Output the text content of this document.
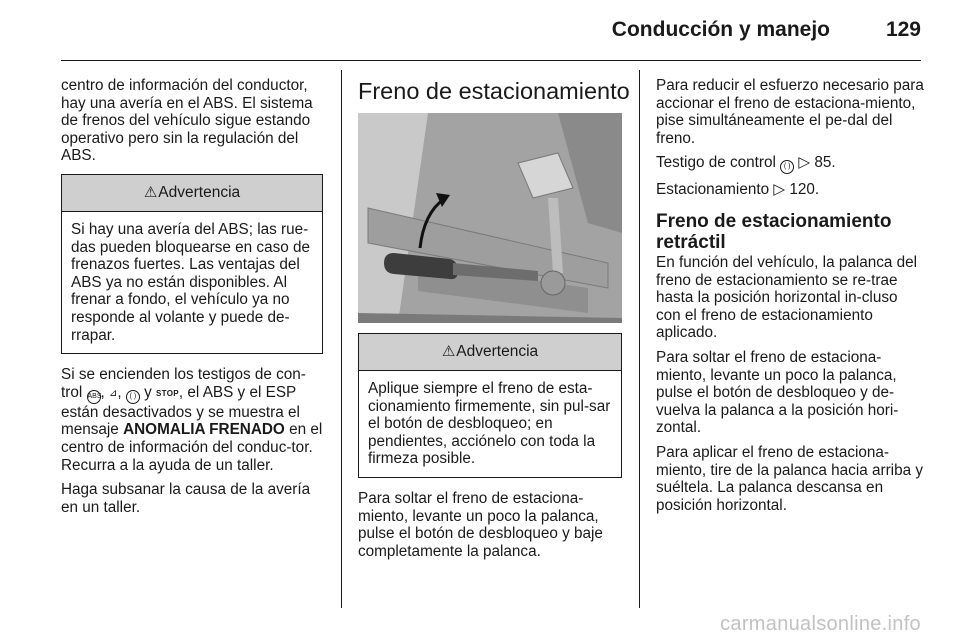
Conducción y manejo	129

centro de información del conductor, hay una avería en el ABS. El sistema de frenos del vehículo sigue estando operativo pero sin la regulación del ABS.

⚠ Advertencia
Si hay una avería del ABS; las rue-das pueden bloquearse en caso de frenazos fuertes. Las ventajas del ABS ya no están disponibles. Al frenar a fondo, el vehículo ya no responde al volante y puede de-rrapar.

Si se encienden los testigos de con-trol ABS, ⊿, ( ) y STOP, el ABS y el ESP están desactivados y se muestra el mensaje ANOMALIA FRENADO en el centro de información del conduc-tor. Recurra a la ayuda de un taller.

Haga subsanar la causa de la avería en un taller.

Freno de estacionamiento
⚠ Advertencia
Aplique siempre el freno de esta-cionamiento firmemente, sin pul-sar el botón de desbloqueo; en pendientes, acciónelo con toda la firmeza posible.

Para soltar el freno de estaciona-miento, levante un poco la palanca, pulse el botón de desbloqueo y baje completamente la palanca.

Para reducir el esfuerzo necesario para accionar el freno de estaciona-miento, pise simultáneamente el pe-dal del freno.

Testigo de control ( ) ▷ 85.

Estacionamiento ▷ 120.

Freno de estacionamiento retráctil

En función del vehículo, la palanca del freno de estacionamiento se re-trae hasta la posición horizontal in-cluso con el freno de estacionamiento aplicado.

Para soltar el freno de estaciona-miento, levante un poco la palanca, pulse el botón de desbloqueo y de-vuelva la palanca a la posición hori-zontal.

Para aplicar el freno de estaciona-miento, tire de la palanca hacia arriba y suéltela. La palanca descansa en posición horizontal.

carmanualsonline.info
